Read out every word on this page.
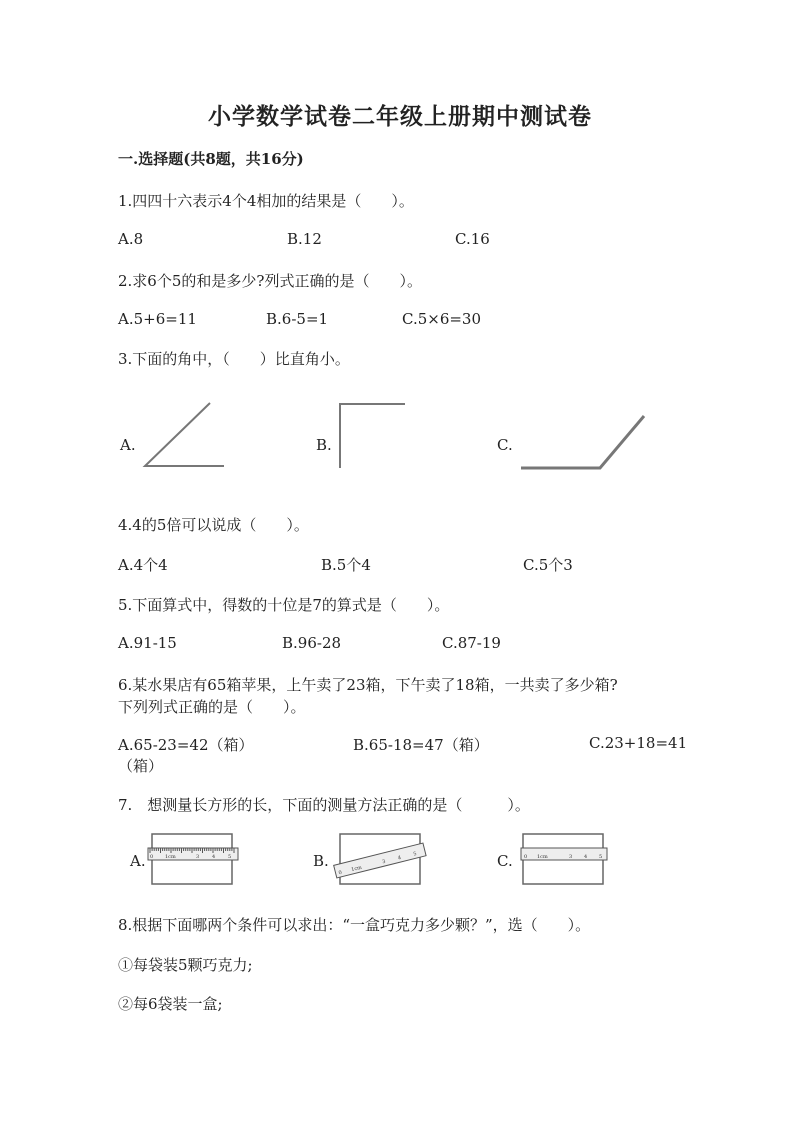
小学数学试卷二年级上册期中测试卷
一.选择题(共8题，共16分)
1.四四十六表示4个4相加的结果是（　　）。
A.8	B.12	C.16
2.求6个5的和是多少?列式正确的是（　　）。
A.5+6=11	B.6-5=1	C.5×6=30
3.下面的角中，（　　）比直角小。
A.	B.	C.
4.4的5倍可以说成（　　）。
A.4个4	B.5个4	C.5个3
5.下面算式中，得数的十位是7的算式是（　　）。
A.91-15	B.96-28	C.87-19
6.某水果店有65箱苹果，上午卖了23箱，下午卖了18箱，一共卖了多少箱?
下列列式正确的是（　　）。
A.65-23=42（箱）	B.65-18=47（箱）	C.23+18=41
（箱）
7.　想测量长方形的长，下面的测量方法正确的是（　　　）。
A. 0 1cm	3	4	5	B.
0 1cm
3
4
5	C. 0 1cm	3 4 5
8.根据下面哪两个条件可以求出：“一盒巧克力多少颗？”，选（　　）。
①每袋装5颗巧克力;
②每6袋装一盒;
